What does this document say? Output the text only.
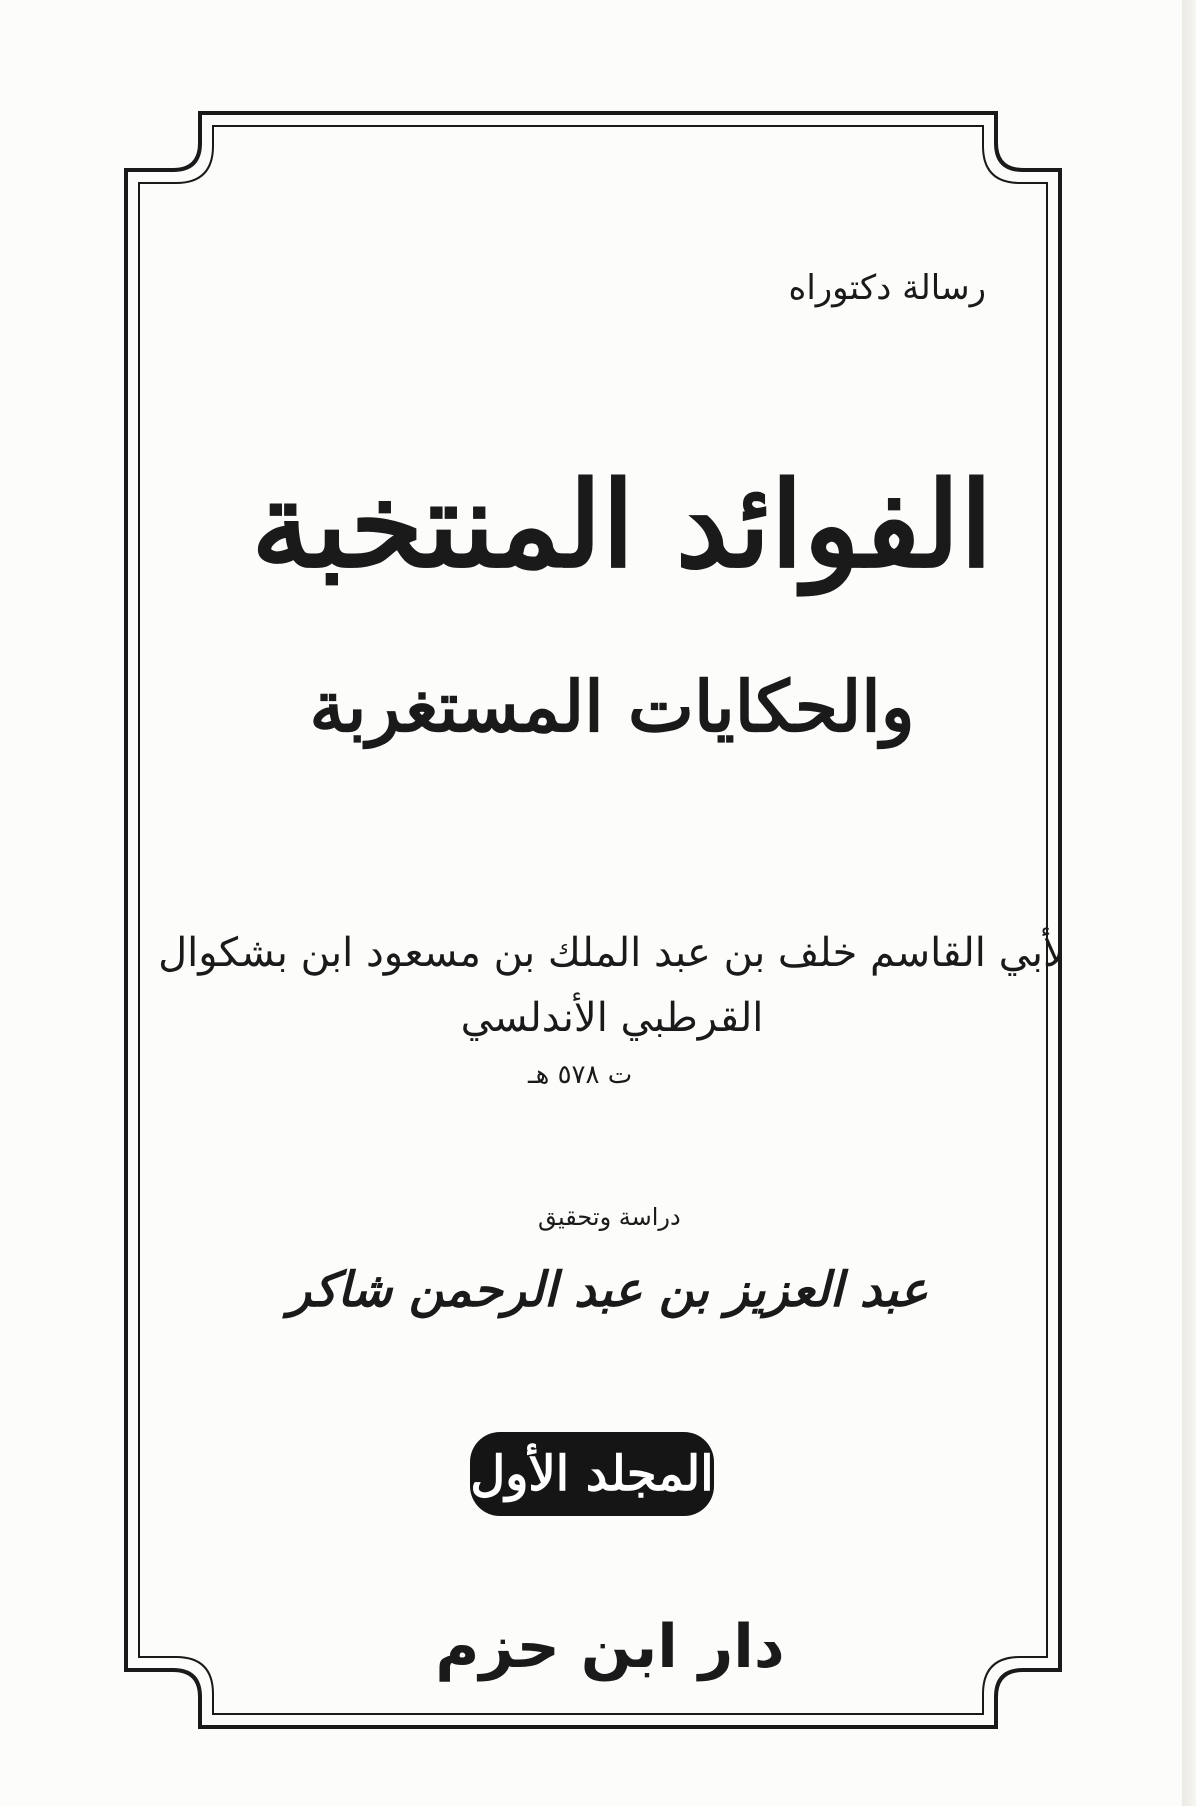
رسالة دكتوراه
الفوائد المنتخبة
والحكايات المستغربة
لأبي القاسم خلف بن عبد الملك بن مسعود ابن بشكوال
القرطبي الأندلسي
ت ٥٧٨ هـ
دراسة وتحقيق
عبد العزيز بن عبد الرحمن شاكر
المجلد الأول
دار ابن حزم
